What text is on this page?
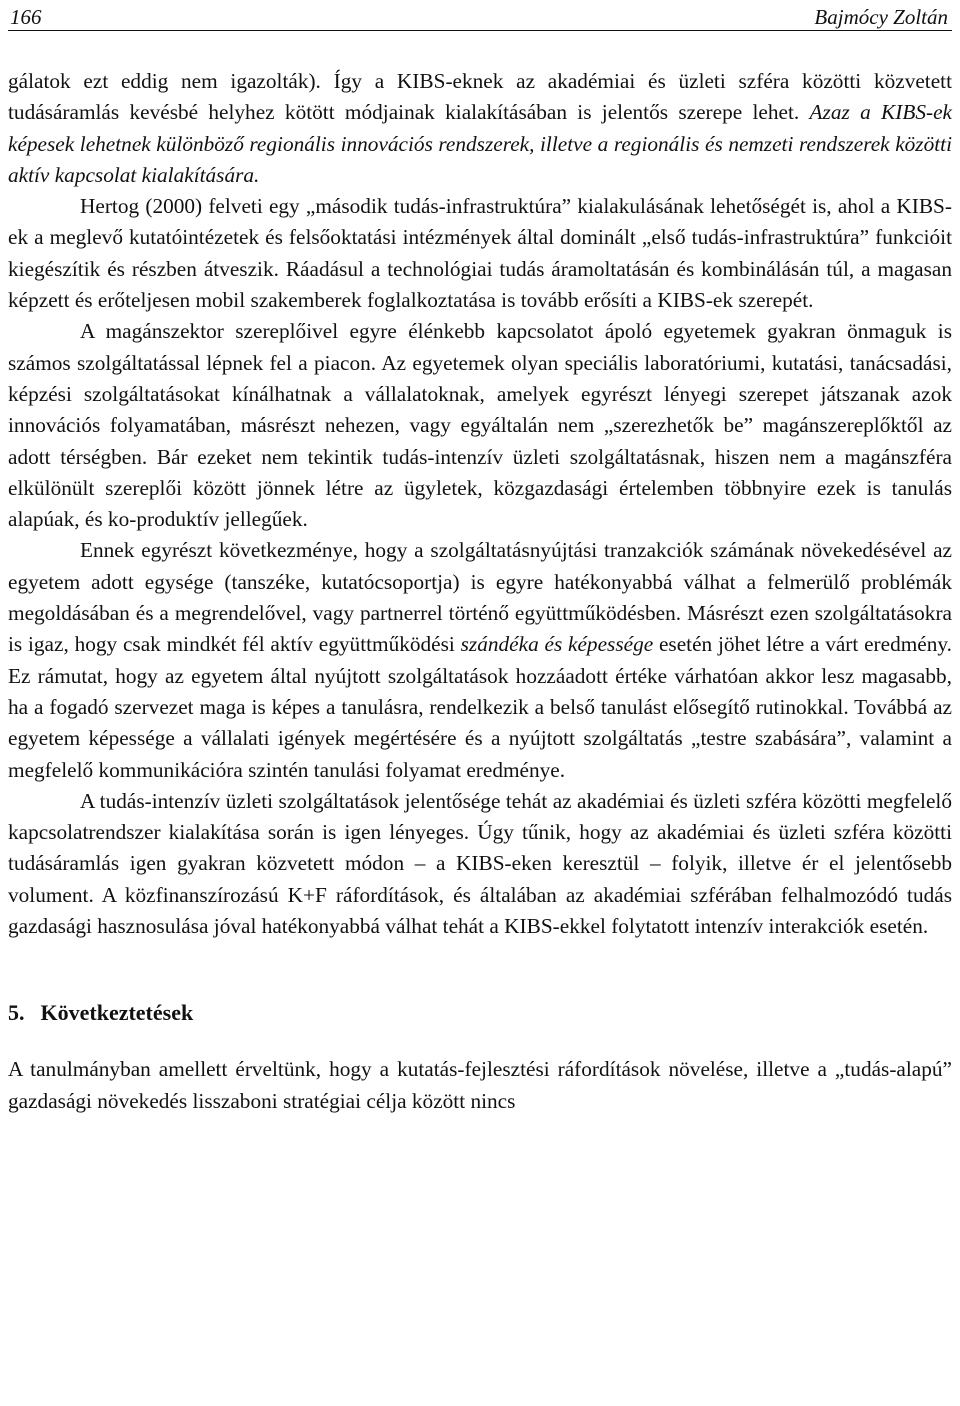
166	Bajmócy Zoltán

gálatok ezt eddig nem igazolták). Így a KIBS-eknek az akadémiai és üzleti szféra közötti közvetett tudásáramlás kevésbé helyhez kötött módjainak kialakításában is jelentős szerepe lehet. Azaz a KIBS-ek képesek lehetnek különböző regionális innovációs rendszerek, illetve a regionális és nemzeti rendszerek közötti aktív kapcsolat kialakítására.

Hertog (2000) felveti egy „második tudás-infrastruktúra” kialakulásának lehetőségét is, ahol a KIBS-ek a meglevő kutatóintézetek és felsőoktatási intézmények által dominált „első tudás-infrastruktúra” funkcióit kiegészítik és részben átveszik. Ráadásul a technológiai tudás áramoltatásán és kombinálásán túl, a magasan képzett és erőteljesen mobil szakemberek foglalkoztatása is tovább erősíti a KIBS-ek szerepét.

A magánszektor szereplőivel egyre élénkebb kapcsolatot ápoló egyetemek gyakran önmaguk is számos szolgáltatással lépnek fel a piacon. Az egyetemek olyan speciális laboratóriumi, kutatási, tanácsadási, képzési szolgáltatásokat kínálhatnak a vállalatoknak, amelyek egyrészt lényegi szerepet játszanak azok innovációs folyamatában, másrészt nehezen, vagy egyáltalán nem „szerezhetők be” magánszereplőktől az adott térségben. Bár ezeket nem tekintik tudás-intenzív üzleti szolgáltatásnak, hiszen nem a magánszféra elkülönült szereplői között jönnek létre az ügyletek, közgazdasági értelemben többnyire ezek is tanulás alapúak, és ko-produktív jellegűek.

Ennek egyrészt következménye, hogy a szolgáltatásnyújtási tranzakciók számának növekedésével az egyetem adott egysége (tanszéke, kutatócsoportja) is egyre hatékonyabbá válhat a felmerülő problémák megoldásában és a megrendelővel, vagy partnerrel történő együttműködésben. Másrészt ezen szolgáltatásokra is igaz, hogy csak mindkét fél aktív együttműködési szándéka és képessége esetén jöhet létre a várt eredmény. Ez rámutat, hogy az egyetem által nyújtott szolgáltatások hozzáadott értéke várhatóan akkor lesz magasabb, ha a fogadó szervezet maga is képes a tanulásra, rendelkezik a belső tanulást elősegítő rutinokkal. Továbbá az egyetem képessége a vállalati igények megértésére és a nyújtott szolgáltatás „testre szabására”, valamint a megfelelő kommunikációra szintén tanulási folyamat eredménye.

A tudás-intenzív üzleti szolgáltatások jelentősége tehát az akadémiai és üzleti szféra közötti megfelelő kapcsolatrendszer kialakítása során is igen lényeges. Úgy tűnik, hogy az akadémiai és üzleti szféra közötti tudásáramlás igen gyakran közvetett módon – a KIBS-eken keresztül – folyik, illetve ér el jelentősebb volument. A közfinanszírozású K+F ráfordítások, és általában az akadémiai szférában felhalmozódó tudás gazdasági hasznosulása jóval hatékonyabbá válhat tehát a KIBS-ekkel folytatott intenzív interakciók esetén.

5. Következtetések

A tanulmányban amellett érveltünk, hogy a kutatás-fejlesztési ráfordítások növelése, illetve a „tudás-alapú” gazdasági növekedés lisszaboni stratégiai célja között nincs
